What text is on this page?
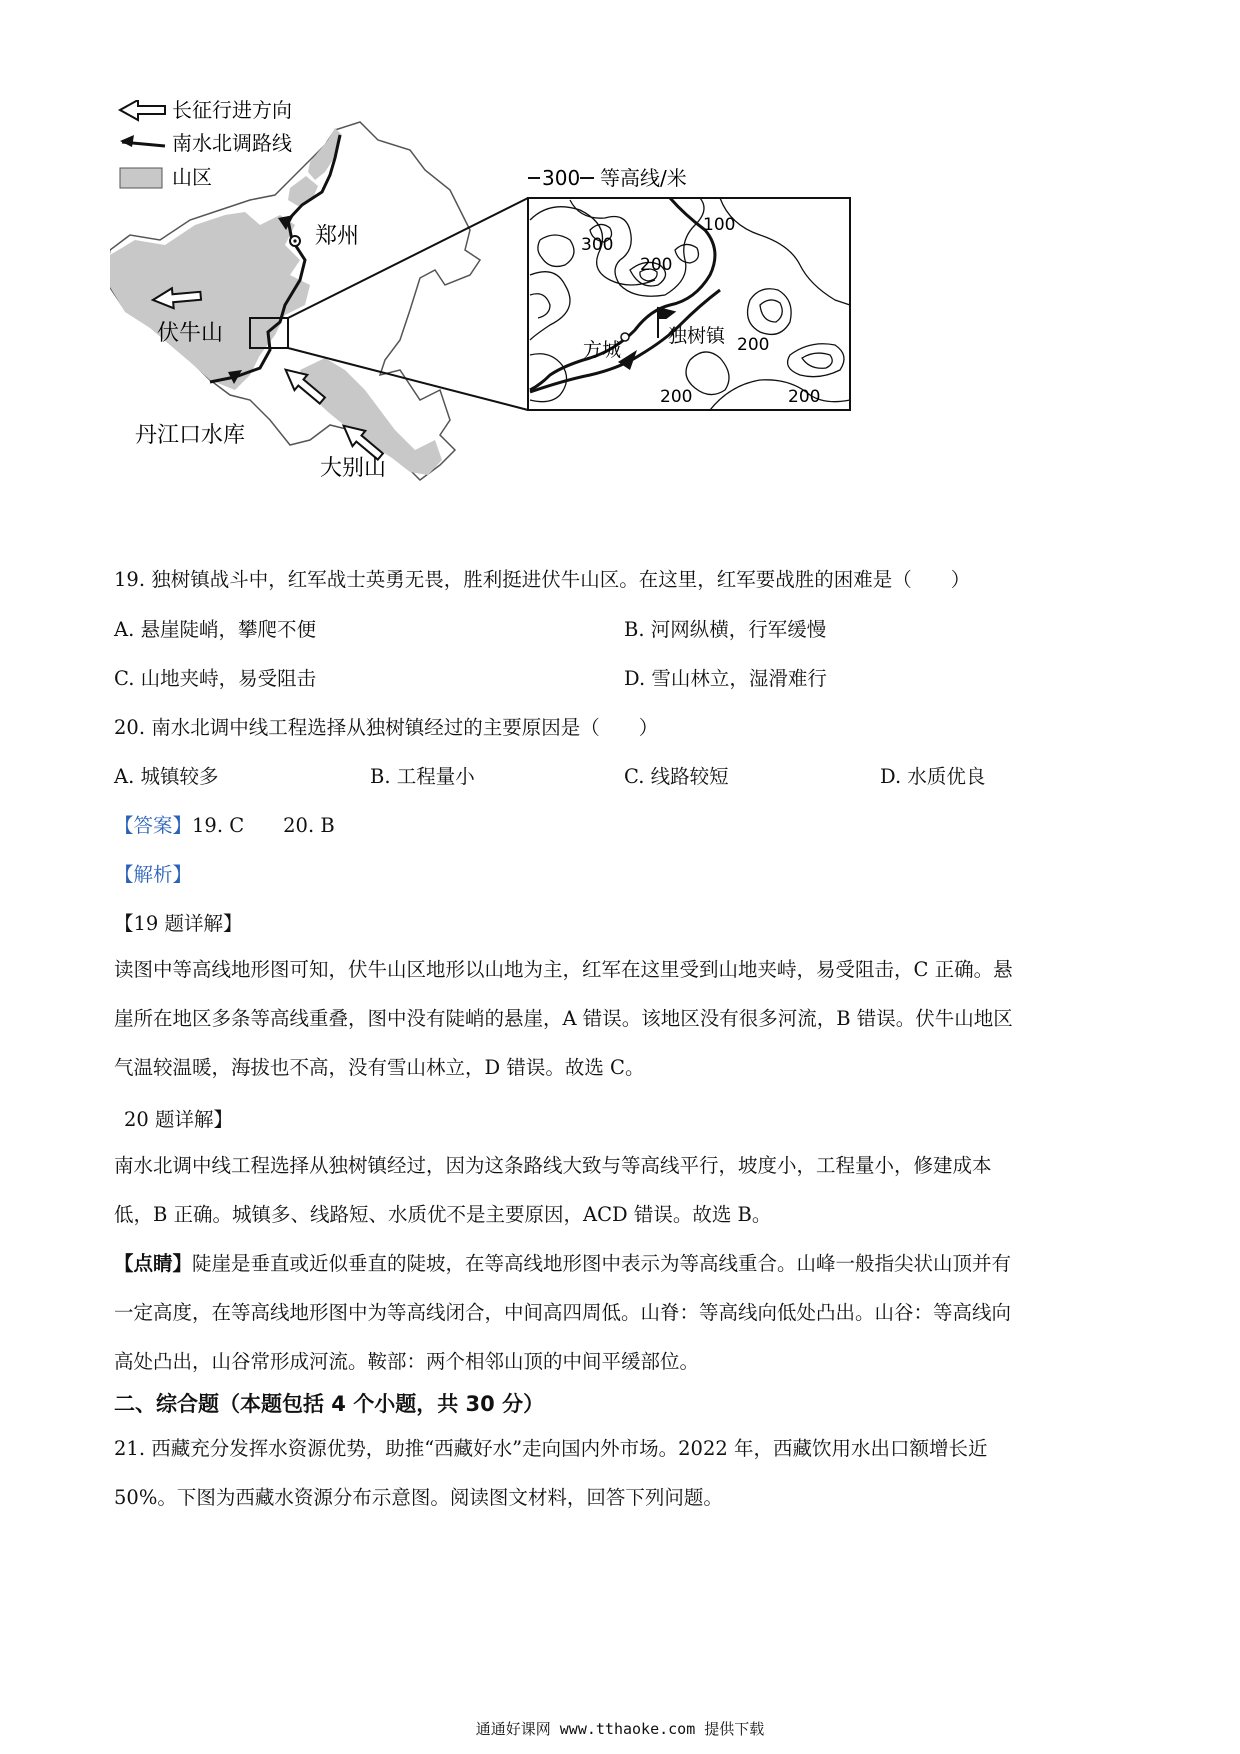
长征行进方向
南水北调路线
山区
郑州
伏牛山
丹江口水库
大别山
300 等高线/米
方城
独树镇
100
300
200
200
200	200
19. 独树镇战斗中，红军战士英勇无畏，胜利挺进伏牛山区。在这里，红军要战胜的困难是（　　）
A. 悬崖陡峭，攀爬不便	B. 河网纵横，行军缓慢
C. 山地夹峙，易受阻击	D. 雪山林立，湿滑难行
20. 南水北调中线工程选择从独树镇经过的主要原因是（　　）
A. 城镇较多	B. 工程量小	C. 线路较短	D. 水质优良
【答案】19. C　　20. B
【解析】
【19 题详解】
读图中等高线地形图可知，伏牛山区地形以山地为主，红军在这里受到山地夹峙，易受阻击，C 正确。悬
崖所在地区多条等高线重叠，图中没有陡峭的悬崖，A 错误。该地区没有很多河流，B 错误。伏牛山地区
气温较温暖，海拔也不高，没有雪山林立，D 错误。故选 C。
20 题详解】
南水北调中线工程选择从独树镇经过，因为这条路线大致与等高线平行，坡度小，工程量小，修建成本
低，B 正确。城镇多、线路短、水质优不是主要原因，ACD 错误。故选 B。
【点睛】陡崖是垂直或近似垂直的陡坡，在等高线地形图中表示为等高线重合。山峰一般指尖状山顶并有
一定高度，在等高线地形图中为等高线闭合，中间高四周低。山脊：等高线向低处凸出。山谷：等高线向
高处凸出，山谷常形成河流。鞍部：两个相邻山顶的中间平缓部位。
二、综合题（本题包括 4 个小题，共 30 分）
21. 西藏充分发挥水资源优势，助推“西藏好水”走向国内外市场。2022 年，西藏饮用水出口额增长近
50%。下图为西藏水资源分布示意图。阅读图文材料，回答下列问题。
通通好课网 www.tthaoke.com 提供下载
